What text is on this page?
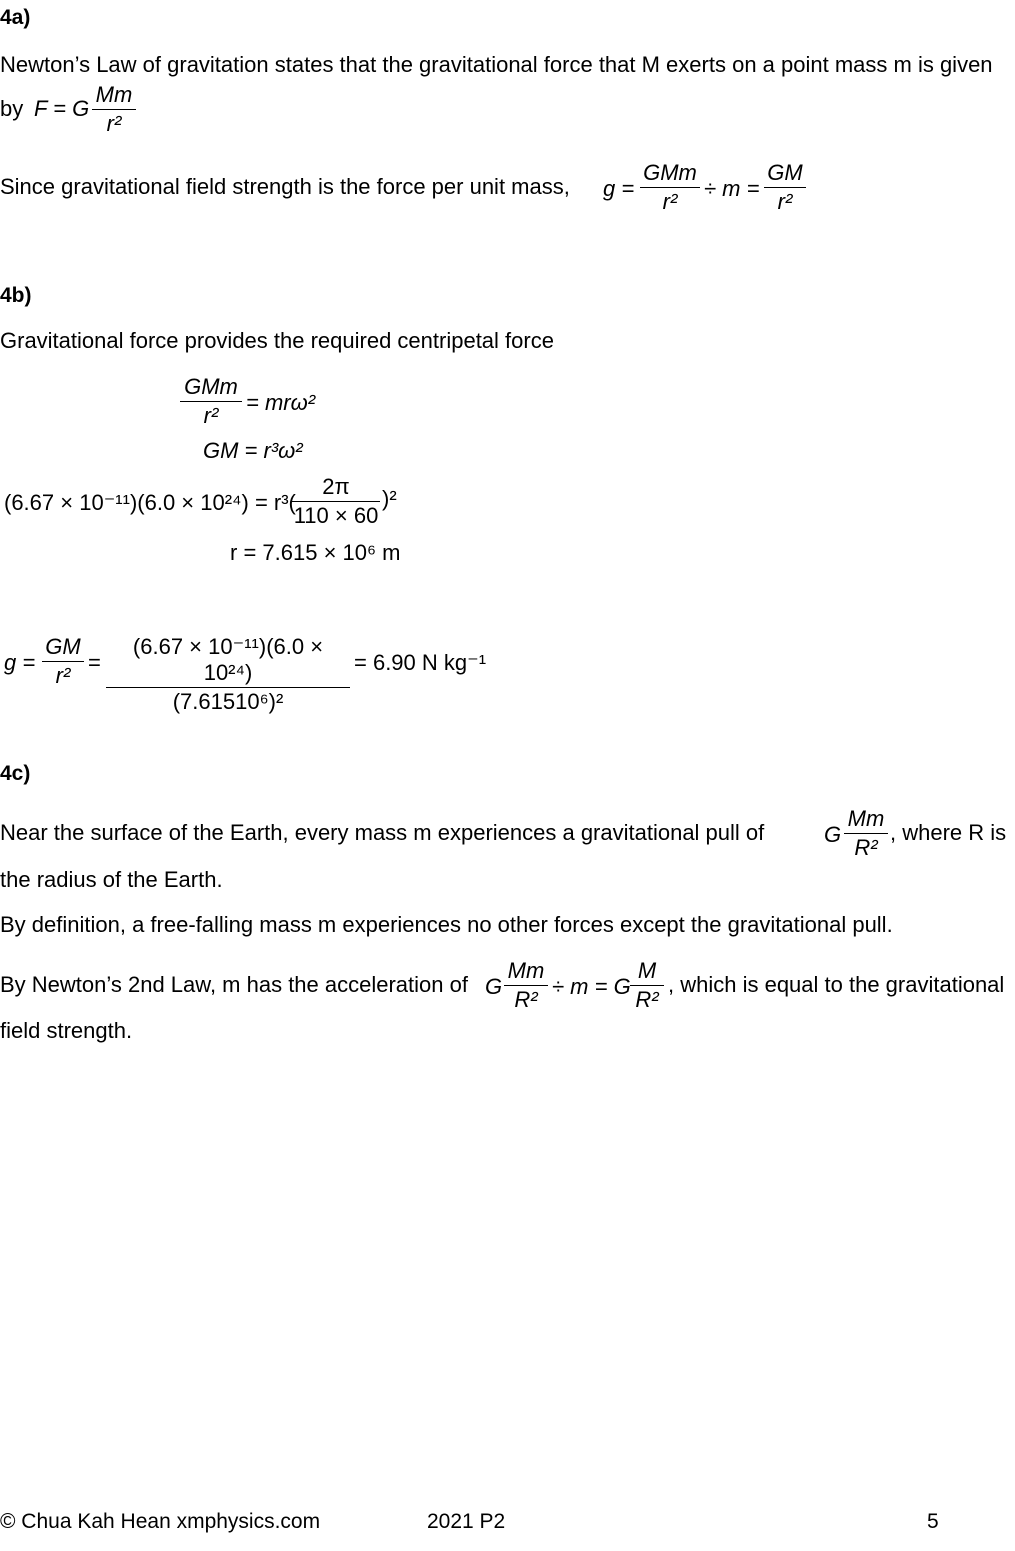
4a)
Newton’s Law of gravitation states that the gravitational force that M exerts on a point mass m is given
by F = G
Mm
r²
Since gravitational field strength is the force per unit mass, g =
GMm
r²
÷ m =
GM
r²
4b)
Gravitational force provides the required centripetal force
GMm
r²
= mrω²
GM = r³ω²
(6.67 × 10⁻¹¹)(6.0 × 10²⁴) = r³(
2π
110 × 60
)²
r = 7.615 × 10⁶ m
g =
GM
r²
=
(6.67 × 10⁻¹¹)(6.0 × 10²⁴)
(7.61510⁶)²
= 6.90 N kg⁻¹
4c)
Near the surface of the Earth, every mass m experiences a gravitational pull of	G
Mm
R²
, where R is
the radius of the Earth.
By definition, a free-falling mass m experiences no other forces except the gravitational pull.
By Newton’s 2nd Law, m has the acceleration of G
Mm
R²
÷ m = G
M
R²
, which is equal to the gravitational
field strength.
© Chua Kah Hean xmphysics.com	2021 P2	5
